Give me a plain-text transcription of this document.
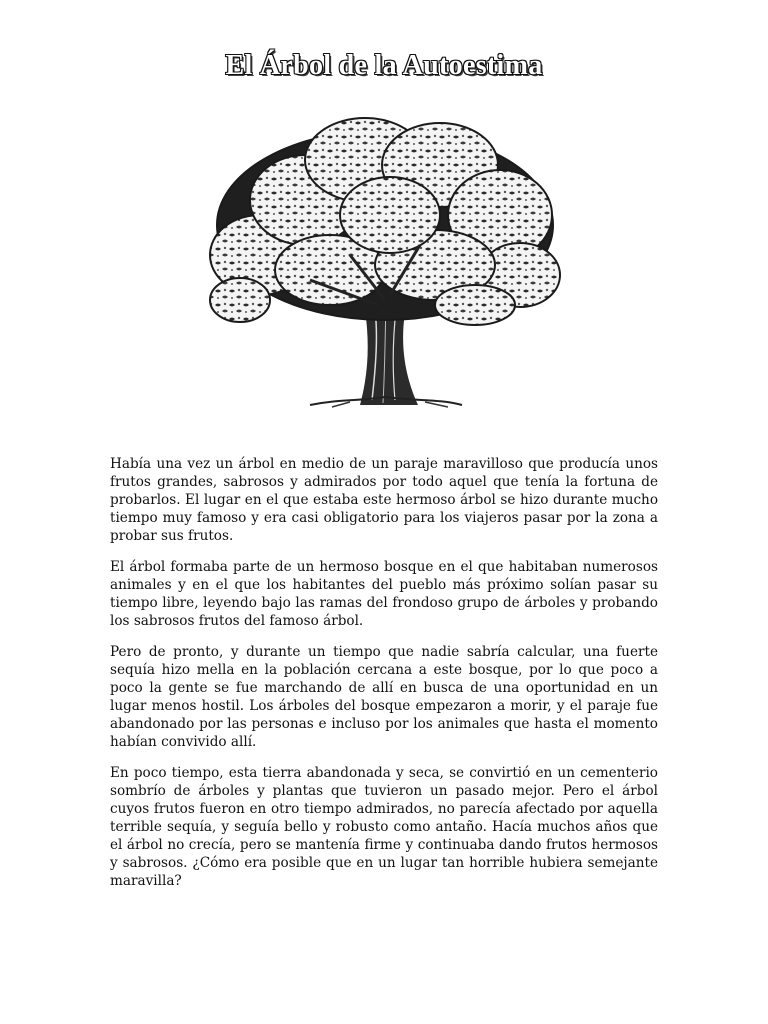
El Árbol de la Autoestima

Había una vez un árbol en medio de un paraje maravilloso que producía unos frutos grandes, sabrosos y admirados por todo aquel que tenía la fortuna de probarlos. El lugar en el que estaba este hermoso árbol se hizo durante mucho tiempo muy famoso y era casi obligatorio para los viajeros pasar por la zona a probar sus frutos.

El árbol formaba parte de un hermoso bosque en el que habitaban numerosos animales y en el que los habitantes del pueblo más próximo solían pasar su tiempo libre, leyendo bajo las ramas del frondoso grupo de árboles y probando los sabrosos frutos del famoso árbol.

Pero de pronto, y durante un tiempo que nadie sabría calcular, una fuerte sequía hizo mella en la población cercana a este bosque, por lo que poco a poco la gente se fue marchando de allí en busca de una oportunidad en un lugar menos hostil. Los árboles del bosque empezaron a morir, y el paraje fue abandonado por las personas e incluso por los animales que hasta el momento habían convivido allí.

En poco tiempo, esta tierra abandonada y seca, se convirtió en un cementerio sombrío de árboles y plantas que tuvieron un pasado mejor. Pero el árbol cuyos frutos fueron en otro tiempo admirados, no parecía afectado por aquella terrible sequía, y seguía bello y robusto como antaño. Hacía muchos años que el árbol no crecía, pero se mantenía firme y continuaba dando frutos hermosos y sabrosos. ¿Cómo era posible que en un lugar tan horrible hubiera semejante maravilla?
